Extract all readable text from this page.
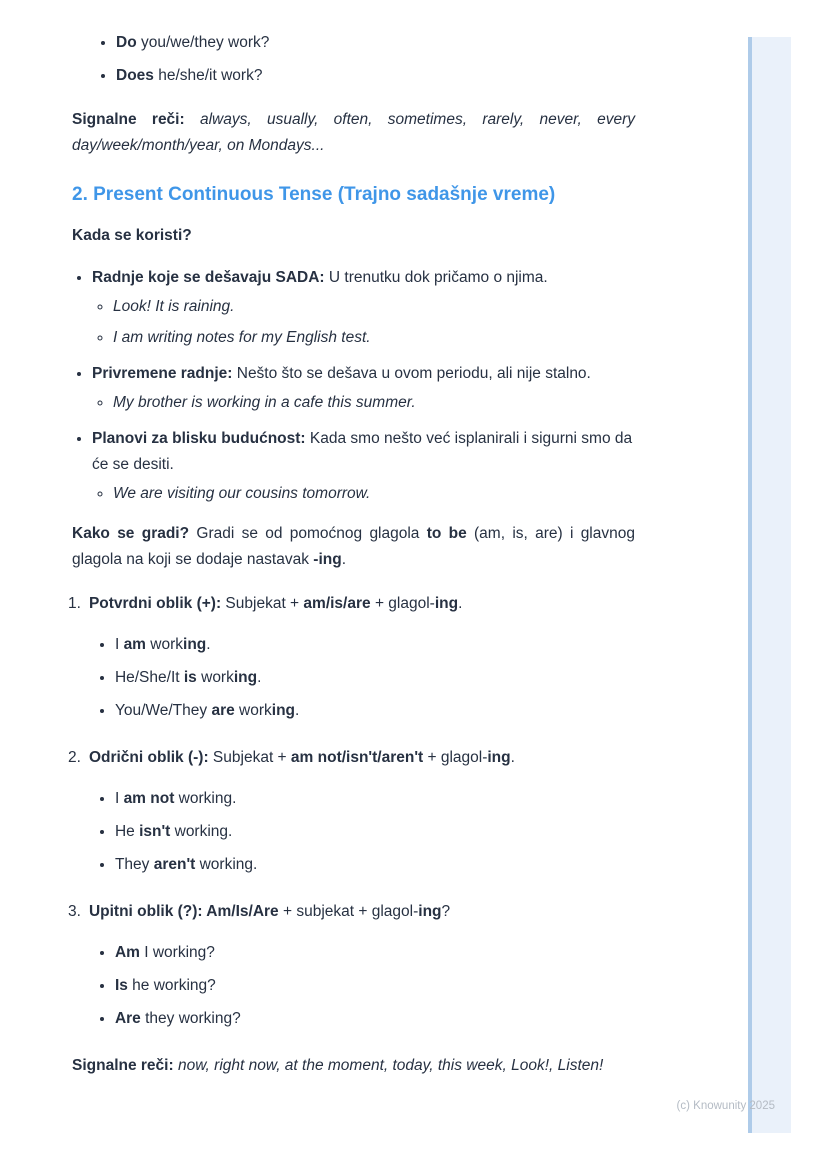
• Do you/we/they work?
• Does he/she/it work?

Signalne reči: always, usually, often, sometimes, rarely, never, every day/week/month/year, on Mondays...

2. Present Continuous Tense (Trajno sadašnje vreme)

Kada se koristi?

• Radnje koje se dešavaju SADA: U trenutku dok pričamo o njima.
◦ Look! It is raining.
◦ I am writing notes for my English test.
• Privremene radnje: Nešto što se dešava u ovom periodu, ali nije stalno.
◦ My brother is working in a cafe this summer.
• Planovi za blisku budućnost: Kada smo nešto već isplanirali i sigurni smo da će se desiti.
◦ We are visiting our cousins tomorrow.

Kako se gradi? Gradi se od pomoćnog glagola to be (am, is, are) i glavnog glagola na koji se dodaje nastavak -ing.

1. Potvrdni oblik (+): Subjekat + am/is/are + glagol-ing.

• I am working.
• He/She/It is working.
• You/We/They are working.
2. Odrični oblik (-): Subjekat + am not/isn't/aren't + glagol-ing.

• I am not working.
• He isn't working.
• They aren't working.
3. Upitni oblik (?): Am/Is/Are + subjekat + glagol-ing?

• Am I working?
• Is he working?
• Are they working?

Signalne reči: now, right now, at the moment, today, this week, Look!, Listen!

(c) Knowunity 2025
